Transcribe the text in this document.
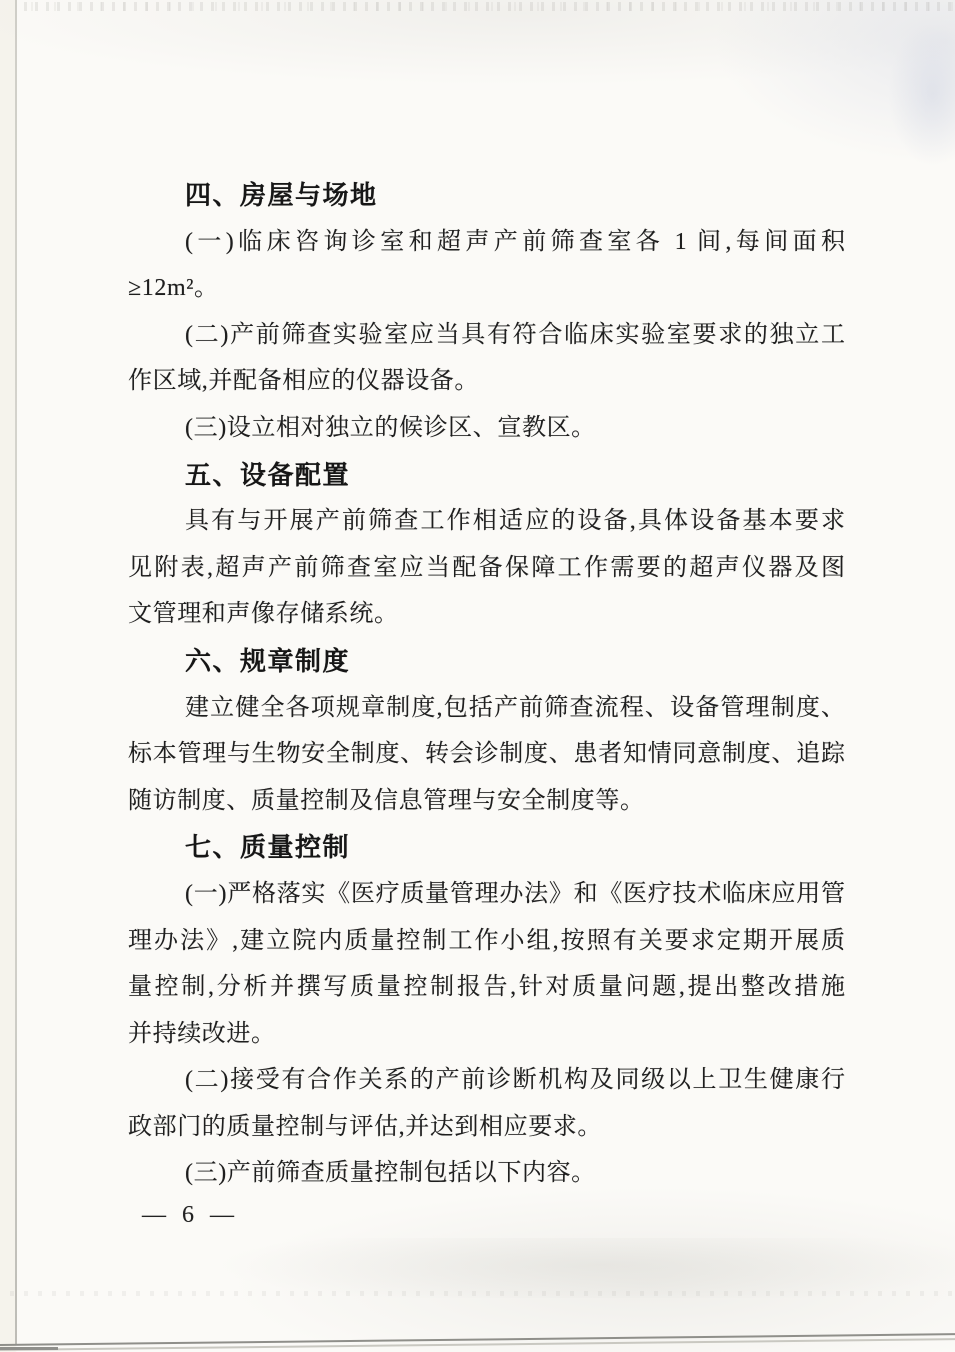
四、房屋与场地
(一)临床咨询诊室和超声产前筛查室各 1 间,每间面积
≥12m²。
(二)产前筛查实验室应当具有符合临床实验室要求的独立工
作区域,并配备相应的仪器设备。
(三)设立相对独立的候诊区、宣教区。
五、设备配置
具有与开展产前筛查工作相适应的设备,具体设备基本要求
见附表,超声产前筛查室应当配备保障工作需要的超声仪器及图
文管理和声像存储系统。
六、规章制度
建立健全各项规章制度,包括产前筛查流程、设备管理制度、
标本管理与生物安全制度、转会诊制度、患者知情同意制度、追踪
随访制度、质量控制及信息管理与安全制度等。
七、质量控制
(一)严格落实《医疗质量管理办法》和《医疗技术临床应用管
理办法》,建立院内质量控制工作小组,按照有关要求定期开展质
量控制,分析并撰写质量控制报告,针对质量问题,提出整改措施
并持续改进。
(二)接受有合作关系的产前诊断机构及同级以上卫生健康行
政部门的质量控制与评估,并达到相应要求。
(三)产前筛查质量控制包括以下内容。
— 6 —
